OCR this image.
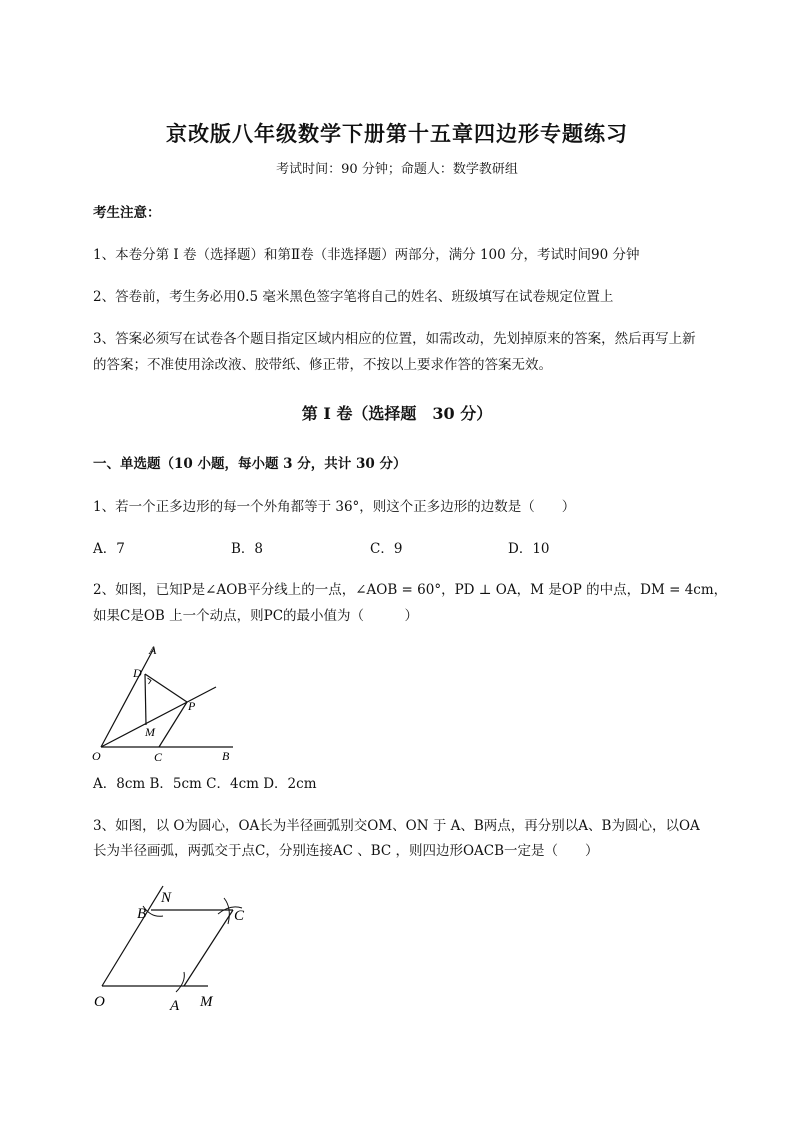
京改版八年级数学下册第十五章四边形专题练习
考试时间：90 分钟；命题人：数学教研组
考生注意：
1、本卷分第 I 卷（选择题）和第Ⅱ卷（非选择题）两部分，满分 100 分，考试时间90 分钟
2、答卷前，考生务必用0.5 毫米黑色签字笔将自己的姓名、班级填写在试卷规定位置上
3、答案必须写在试卷各个题目指定区域内相应的位置，如需改动，先划掉原来的答案，然后再写上新
的答案；不准使用涂改液、胶带纸、修正带，不按以上要求作答的答案无效。
第 I 卷（选择题　30 分）
一、单选题（10 小题，每小题 3 分，共计 30 分）
1、若一个正多边形的每一个外角都等于 36°，则这个正多边形的边数是（　　）
A．7	B．8	C．9	D．10
2、如图，已知P是∠AOB平分线上的一点，∠AOB = 60°，PD ⊥ OA，M 是OP 的中点，DM = 4cm，
如果C是OB 上一个动点，则PC的最小值为（　　　）
A
D
P
M
O	C	B
A．8cm B．5cm C．4cm D．2cm
3、如图，以 O为圆心，OA长为半径画弧别交OM、ON 于 A、B两点，再分别以A、B为圆心，以OA
长为半径画弧，两弧交于点C，分别连接AC 、BC ，则四边形OACB一定是（　　）
N
B	C
O	A M
